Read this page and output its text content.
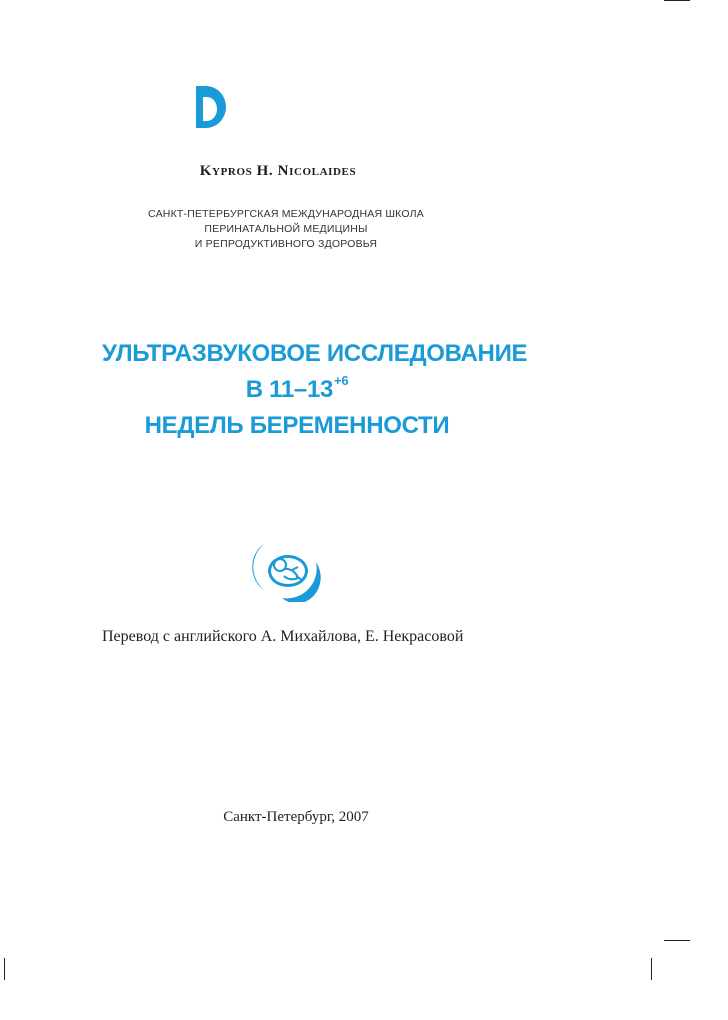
Kypros H. Nicolaides
САНКТ-ПЕТЕРБУРГСКАЯ МЕЖДУНАРОДНАЯ ШКОЛА
ПЕРИНАТАЛЬНОЙ МЕДИЦИНЫ
И РЕПРОДУКТИВНОГО ЗДОРОВЬЯ
УЛЬТРАЗВУКОВОЕ ИССЛЕДОВАНИЕ
В $11-13^{+6}$
НЕДЕЛЬ БЕРЕМЕННОСТИ
Перевод с английского А. Михайлова, Е. Некрасовой
Санкт-Петербург, 2007
